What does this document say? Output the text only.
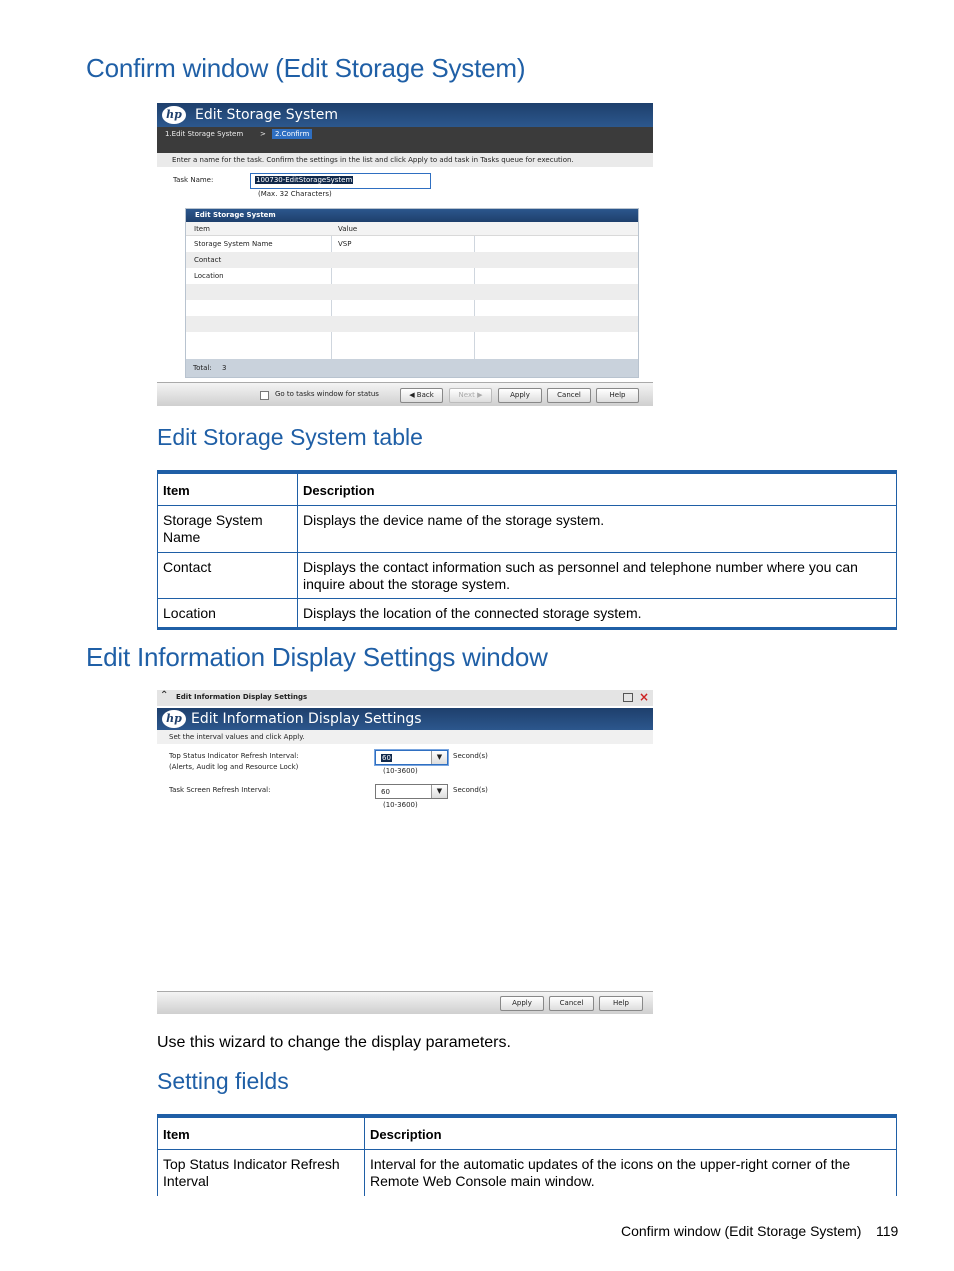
Confirm window (Edit Storage System)
hp Edit Storage System
1.Edit Storage System >	2.Confirm
Enter a name for the task. Confirm the settings in the list and click Apply to add task in Tasks queue for execution.
Task Name:	100730-EditStorageSystem
(Max. 32 Characters)
Edit Storage System
Item	Value
Storage System Name	VSP
Contact
Location
Total: 3
Go to tasks window for status	◀ Back	Next ▶	Apply	Cancel	Help
Edit Storage System table
Item	Description
Storage System Name	Displays the device name of the storage system.
Contact	Displays the contact information such as personnel and telephone number where you can inquire about the storage system.
Location	Displays the location of the connected storage system.
Edit Information Display Settings window
⌃ Edit Information Display Settings	×
hp Edit Information Display Settings
Set the interval values and click Apply.
Top Status Indicator Refresh Interval:
(Alerts, Audit log and Resource Lock)
60	▼	Second(s)
(10-3600)
Task Screen Refresh Interval:	60	▼	Second(s)
(10-3600)
Apply	Cancel	Help
Use this wizard to change the display parameters.
Setting fields
Item	Description
Top Status Indicator Refresh Interval	Interval for the automatic updates of the icons on the upper-right corner of the Remote Web Console main window.
Confirm window (Edit Storage System) 119
